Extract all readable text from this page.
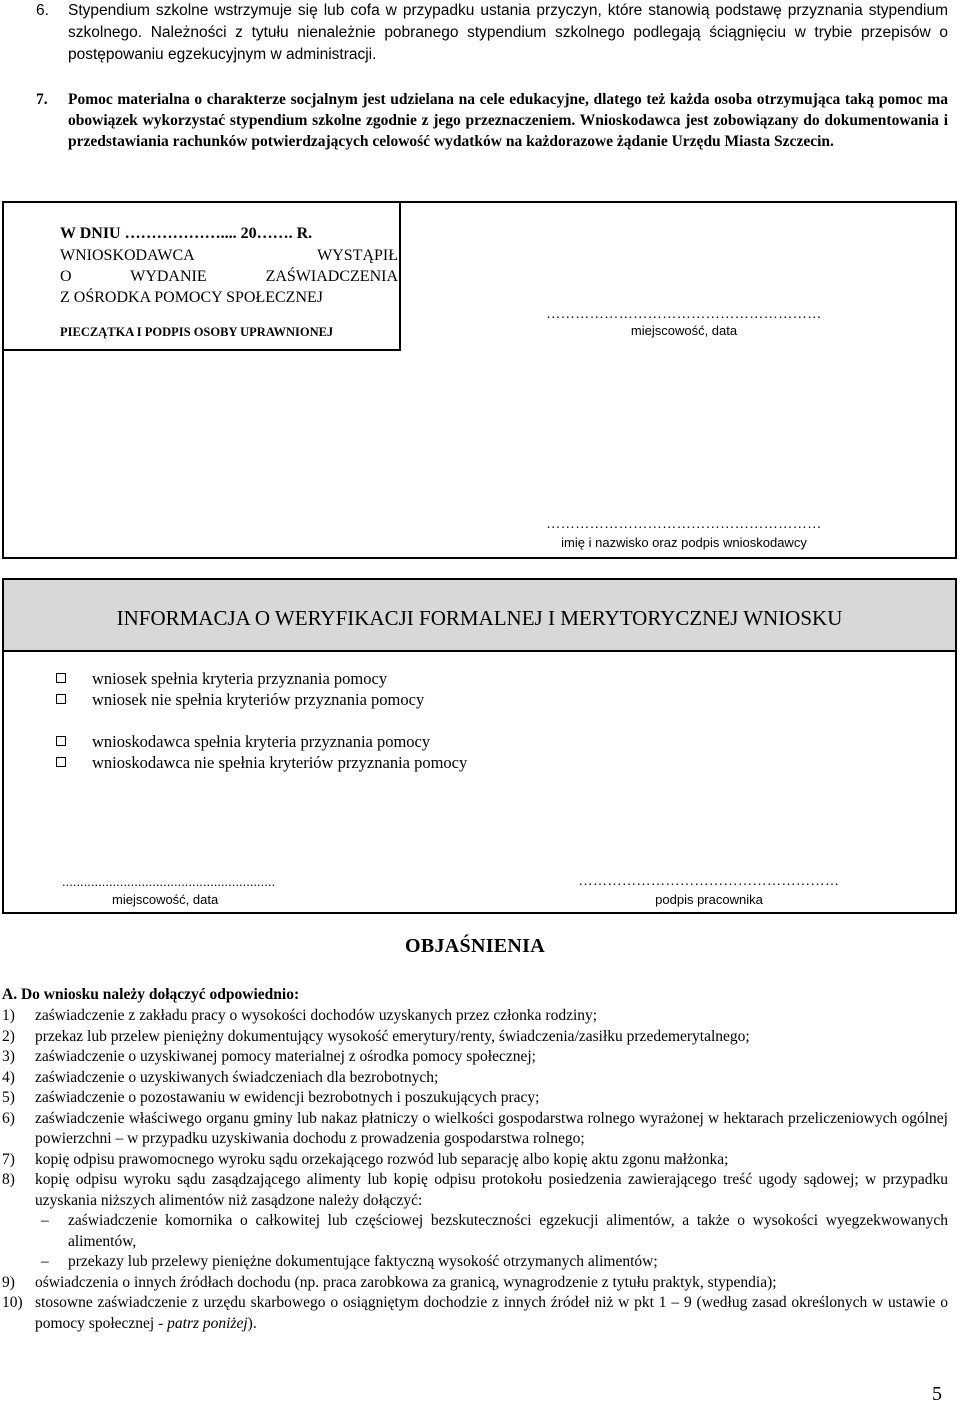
6. Stypendium szkolne wstrzymuje się lub cofa w przypadku ustania przyczyn, które stanowią podstawę przyznania stypendium szkolnego. Należności z tytułu nienależnie pobranego stypendium szkolnego podlegają ściągnięciu w trybie przepisów o postępowaniu egzekucyjnym w administracji.
7. Pomoc materialna o charakterze socjalnym jest udzielana na cele edukacyjne, dlatego też każda osoba otrzymująca taką pomoc ma obowiązek wykorzystać stypendium szkolne zgodnie z jego przeznaczeniem. Wnioskodawca jest zobowiązany do dokumentowania i przedstawiania rachunków potwierdzających celowość wydatków na każdorazowe żądanie Urzędu Miasta Szczecin.
W DNIU ……………….... 20……. R.
WNIOSKODAWCA WYSTĄPIŁ
O WYDANIE ZAŚWIADCZENIA
Z OŚRODKA POMOCY SPOŁECZNEJ
PIECZĄTKA I PODPIS OSOBY UPRAWNIONEJ
…………………………………………………
miejscowość, data
…………………………………………………
imię i nazwisko oraz podpis wnioskodawcy
INFORMACJA O WERYFIKACJI FORMALNEJ I MERYTORYCZNEJ WNIOSKU
wniosek spełnia kryteria przyznania pomocy
wniosek nie spełnia kryteriów przyznania pomocy
wnioskodawca spełnia kryteria przyznania pomocy
wnioskodawca nie spełnia kryteriów przyznania pomocy
...........................................................
miejscowość, data
………………………………………………
podpis pracownika
OBJAŚNIENIA
A. Do wniosku należy dołączyć odpowiednio:
1) zaświadczenie z zakładu pracy o wysokości dochodów uzyskanych przez członka rodziny;
2) przekaz lub przelew pieniężny dokumentujący wysokość emerytury/renty, świadczenia/zasiłku przedemerytalnego;
3) zaświadczenie o uzyskiwanej pomocy materialnej z ośrodka pomocy społecznej;
4) zaświadczenie o uzyskiwanych świadczeniach dla bezrobotnych;
5) zaświadczenie o pozostawaniu w ewidencji bezrobotnych i poszukujących pracy;
6) zaświadczenie właściwego organu gminy lub nakaz płatniczy o wielkości gospodarstwa rolnego wyrażonej w hektarach przeliczeniowych ogólnej powierzchni – w przypadku uzyskiwania dochodu z prowadzenia gospodarstwa rolnego;
7) kopię odpisu prawomocnego wyroku sądu orzekającego rozwód lub separację albo kopię aktu zgonu małżonka;
8) kopię odpisu wyroku sądu zasądzającego alimenty lub kopię odpisu protokołu posiedzenia zawierającego treść ugody sądowej; w przypadku uzyskania niższych alimentów niż zasądzone należy dołączyć:
– zaświadczenie komornika o całkowitej lub częściowej bezskuteczności egzekucji alimentów, a także o wysokości wyegzekwowanych alimentów,
– przekazy lub przelewy pieniężne dokumentujące faktyczną wysokość otrzymanych alimentów;
9) oświadczenia o innych źródłach dochodu (np. praca zarobkowa za granicą, wynagrodzenie z tytułu praktyk, stypendia);
10) stosowne zaświadczenie z urzędu skarbowego o osiągniętym dochodzie z innych źródeł niż w pkt 1 – 9 (według zasad określonych w ustawie o pomocy społecznej - patrz poniżej).
5
